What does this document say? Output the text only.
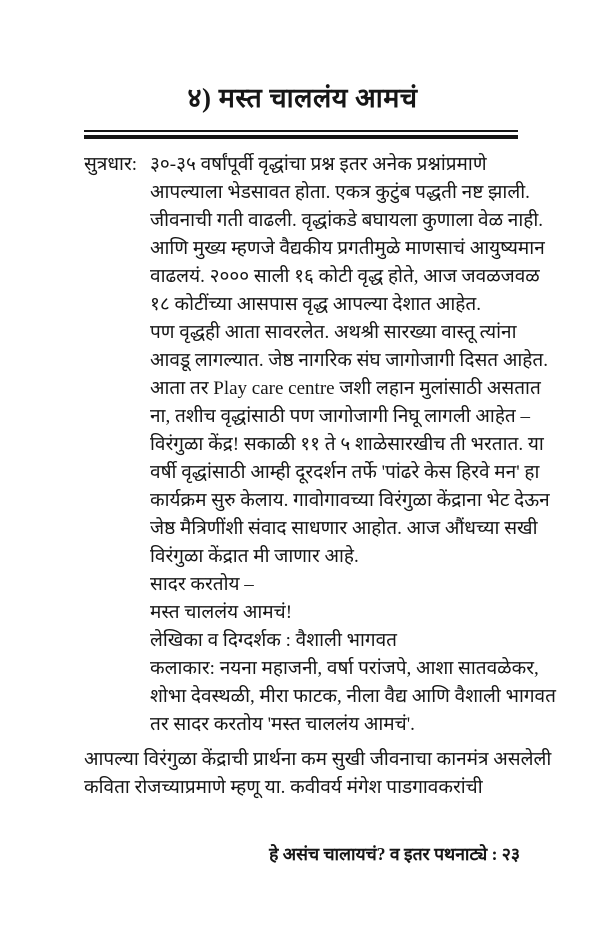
४) मस्त चाललंय आमचं
सुत्रधार: ३०-३५ वर्षांपूर्वी वृद्धांचा प्रश्न इतर अनेक प्रश्नांप्रमाणे
आपल्याला भेडसावत होता. एकत्र कुटुंब पद्धती नष्ट झाली.
जीवनाची गती वाढली. वृद्धांकडे बघायला कुणाला वेळ नाही.
आणि मुख्य म्हणजे वैद्यकीय प्रगतीमुळे माणसाचं आयुष्यमान
वाढलयं. २००० साली १६ कोटी वृद्ध होते, आज जवळजवळ
१८ कोटींच्या आसपास वृद्ध आपल्या देशात आहेत.
पण वृद्धही आता सावरलेत. अथश्री सारख्या वास्तू त्यांना
आवडू लागल्यात. जेष्ठ नागरिक संघ जागोजागी दिसत आहेत.
आता तर Play care centre जशी लहान मुलांसाठी असतात
ना, तशीच वृद्धांसाठी पण जागोजागी निघू लागली आहेत –
विरंगुळा केंद्र! सकाळी ११ ते ५ शाळेसारखीच ती भरतात. या
वर्षी वृद्धांसाठी आम्ही दूरदर्शन तर्फे 'पांढरे केस हिरवे मन' हा
कार्यक्रम सुरु केलाय. गावोगावच्या विरंगुळा केंद्राना भेट देऊन
जेष्ठ मैत्रिणींशी संवाद साधणार आहोत. आज औंधच्या सखी
विरंगुळा केंद्रात मी जाणार आहे.
सादर करतोय –
मस्त चाललंय आमचं!
लेखिका व दिग्दर्शक : वैशाली भागवत
कलाकार: नयना महाजनी, वर्षा परांजपे, आशा सातवळेकर,
शोभा देवस्थळी, मीरा फाटक, नीला वैद्य आणि वैशाली भागवत
तर सादर करतोय 'मस्त चाललंय आमचं'.
आपल्या विरंगुळा केंद्राची प्रार्थना कम सुखी जीवनाचा कानमंत्र असलेली
कविता रोजच्याप्रमाणे म्हणू या. कवीवर्य मंगेश पाडगावकरांची
हे असंच चालायचं? व इतर पथनाट्ये : २३
